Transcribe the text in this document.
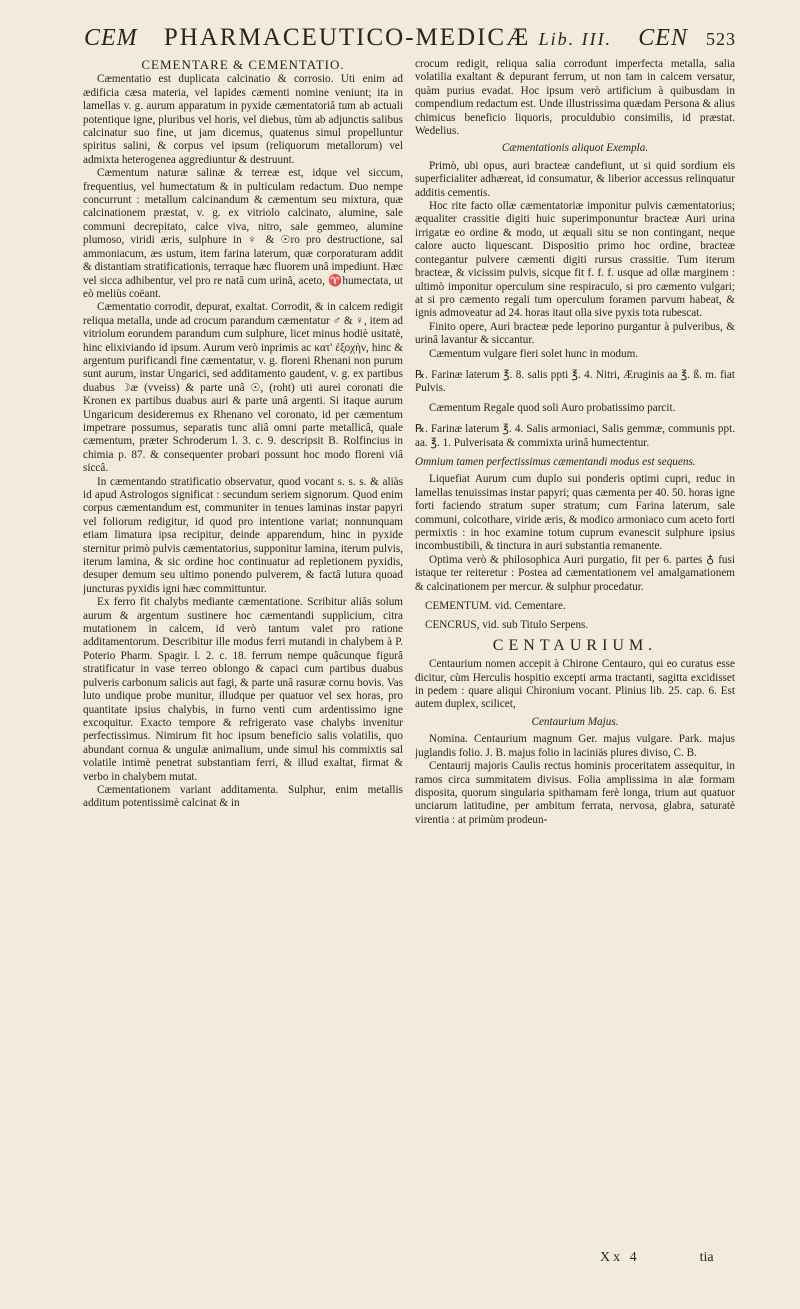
CEM PHARMACEUTICO-MEDICÆ Lib. III. CEN 523

CEMENTARE & CEMENTATIO.

Cæmentatio est duplicata calcinatio & corrosio. Uti enim ad ædificia cæsa materia, vel lapides cæmenti nomine veniunt; ita in lamellas v. g. aurum apparatum in pyxide cæmentatoriâ tum ab actuali potentique igne, pluribus vel horis, vel diebus, tùm ab adjunctis salibus calcinatur suo fine, ut jam dicemus, quatenus simul propelluntur spiritus salini, & corpus vel ipsum (reliquorum metallorum) vel admixta heterogenea aggrediuntur & destruunt.

Cæmentum naturæ salinæ & terreæ est, idque vel siccum, frequentius, vel humectatum & in pulticulam redactum. Duo nempe concurrunt : metallum calcinandum & cæmentum seu mixtura, quæ calcinationem præstat, v. g. ex vitriolo calcinato, alumine, sale communi decrepitato, calce viva, nitro, sale gemmeo, alumine plumoso, viridi æris, sulphure in ♀ & ☉ro pro destructione, sal ammoniacum, æs ustum, item farina laterum, quæ corporaturam addit & distantiam stratificationis, terraque hæc fluorem unâ impediunt. Hæc vel sicca adhibentur, vel pro re natâ cum urinâ, aceto, ♈humectata, ut eò meliùs coëant.

Cæmentatio corrodit, depurat, exaltat. Corrodit, & in calcem redigit reliqua metalla, unde ad crocum parandum cæmentatur ♂ & ♀, item ad vitriolum eorundem parandum cum sulphure, licet minus hodiè usitatè, hinc elixiviando id ipsum. Aurum verò inprimis ac κατ' ἐξοχὴν, hinc & argentum purificandi fine cæmentatur, v. g. floreni Rhenani non purum sunt aurum, instar Ungarici, sed additamento gaudent, v. g. ex partibus duabus ☽æ (vveiss) & parte unâ ☉, (roht) uti aurei coronati die Kronen ex partibus duabus auri & parte unâ argenti. Si itaque aurum Ungaricum desideremus ex Rhenano vel coronato, id per cæmentum impetrare possumus, separatis tunc aliâ omni parte metallicâ, quale cæmentum, præter Schroderum l. 3. c. 9. descripsit B. Rolfincius in chimia p. 87. & consequenter probari possunt hoc modo floreni viâ siccâ.

In cæmentando stratificatio observatur, quod vocant s. s. s. & aliàs id apud Astrologos significat : secundum seriem signorum. Quod enim corpus cæmentandum est, communiter in tenues laminas instar papyri vel foliorum redigitur, id quod pro intentione variat; nonnunquam etiam limatura ipsa recipitur, deinde apparendum, hinc in pyxide sternitur primò pulvis cæmentatorius, supponitur lamina, iterum pulvis, iterum lamina, & sic ordine hoc continuatur ad repletionem pyxidis, desuper demum seu ultimo ponendo pulverem, & factâ lutura quoad juncturas pyxidis igni hæc committuntur.

Ex ferro fit chalybs mediante cæmentatione. Scribitur aliâs solum aurum & argentum sustinere hoc cæmentandi supplicium, citra mutationem in calcem, id verò tantum valet pro ratione additamentorum. Describitur ille modus ferri mutandi in chalybem à P. Poterio Pharm. Spagir. l. 2. c. 18. ferrum nempe quâcunque figurâ stratificatur in vase terreo oblongo & capaci cum partibus duabus pulveris carbonum salicis aut fagi, & parte unâ rasuræ cornu bovis. Vas luto undique probe munitur, illudque per quatuor vel sex horas, pro quantitate ipsius chalybis, in furno venti cum ardentissimo igne excoquitur. Exacto tempore & refrigerato vase chalybs invenitur perfectissimus. Nimirum fit hoc ipsum beneficio salis volatilis, quo abundant cornua & ungulæ animalium, unde simul his commixtis sal volatile intimè penetrat substantiam ferri, & illud exaltat, firmat & verbo in chalybem mutat.

Cæmentationem variant additamenta. Sulphur, enim metallis additum potentissimè calcinat & in

crocum redigit, reliqua salia corrodunt imperfecta metalla, salia volatilia exaltant & depurant ferrum, ut non tam in calcem versatur, quàm purius evadat. Hoc ipsum verò artificium à quibusdam in compendium redactum est. Unde illustrissima quædam Persona & alius chimicus beneficio liquoris, proculdubio consimilis, id præstat. Wedelius.

Cæmentationis aliquot Exempla.

Primò, ubi opus, auri bracteæ candefiunt, ut si quid sordium eis superficialiter adhæreat, id consumatur, & liberior accessus relinquatur additis cementis.

Hoc rite facto ollæ cæmentatoriæ imponitur pulvis cæmentatorius; æqualiter crassitie digiti huic superimponuntur bracteæ Auri urina irrigatæ eo ordine & modo, ut æquali situ se non contingant, neque calore aucto liquescant. Dispositio primo hoc ordine, bracteæ contegantur pulvere cæmenti digiti rursus crassitie. Tum iterum bracteæ, & vicissim pulvis, sicque fit f. f. f. usque ad ollæ marginem : ultimò imponitur operculum sine respiraculo, si pro cæmento vulgari; at si pro cæmento regali tum operculum foramen parvum habeat, & ignis admoveatur ad 24. horas itaut olla sive pyxis tota rubescat.

Finito opere, Auri bracteæ pede leporino purgantur à pulveribus, & urinâ lavantur & siccantur.

Cæmentum vulgare fieri solet hunc in modum.

℞. Farinæ laterum ℥. 8. salis ppti ℥. 4. Nitri, Æruginis aa ℥. ß. m. fiat Pulvis.

Cæmentum Regale quod soli Auro probatissimo parcit.

℞. Farinæ laterum ℥. 4. Salis armoniaci, Salis gemmæ, communis ppt. aa. ℥. 1. Pulverisata & commixta urinâ humectentur.

Omnium tamen perfectissimus cæmentandi modus est sequens.

Liquefiat Aurum cum duplo sui ponderis optimi cupri, reduc in lamellas tenuissimas instar papyri; quas cæmenta per 40. 50. horas igne forti faciendo stratum super stratum; cum Farina laterum, sale communi, colcothare, viride æris, & modico armoniaco cum aceto forti permixtis : in hoc examine totum cuprum evanescit sulphure ipsius incombustibili, & tinctura in auri substantia remanente.

Optima verò & philosophica Auri purgatio, fit per 6. partes ♁ fusi istaque ter reiteretur : Postea ad cæmentationem vel amalgamationem & calcinationem per mercur. & sulphur procedatur.

CEMENTUM. vid. Cementare.

CENCRUS, vid. sub Titulo Serpens.

CENTAURIUM.

Centaurium nomen accepit à Chirone Centauro, qui eo curatus esse dicitur, cùm Herculis hospitio excepti arma tractanti, sagitta excidisset in pedem : quare aliqui Chironium vocant. Plinius lib. 25. cap. 6. Est autem duplex, scilicet,

Centaurium Majus.

Nomina. Centaurium magnum Ger. majus vulgare. Park. majus juglandis folio. J. B. majus folio in laciniäs plures diviso, C. B.

Centaurij majoris Caulis rectus hominis proceritatem assequitur, in ramos circa summitatem divisus. Folia amplissima in alæ formam disposita, quorum singularia spithamam ferè longa, trium aut quatuor unciarum latitudine, per ambitum ferrata, nervosa, glabra, saturatè virentia : at primùm prodeun-

Xx 4	tia
